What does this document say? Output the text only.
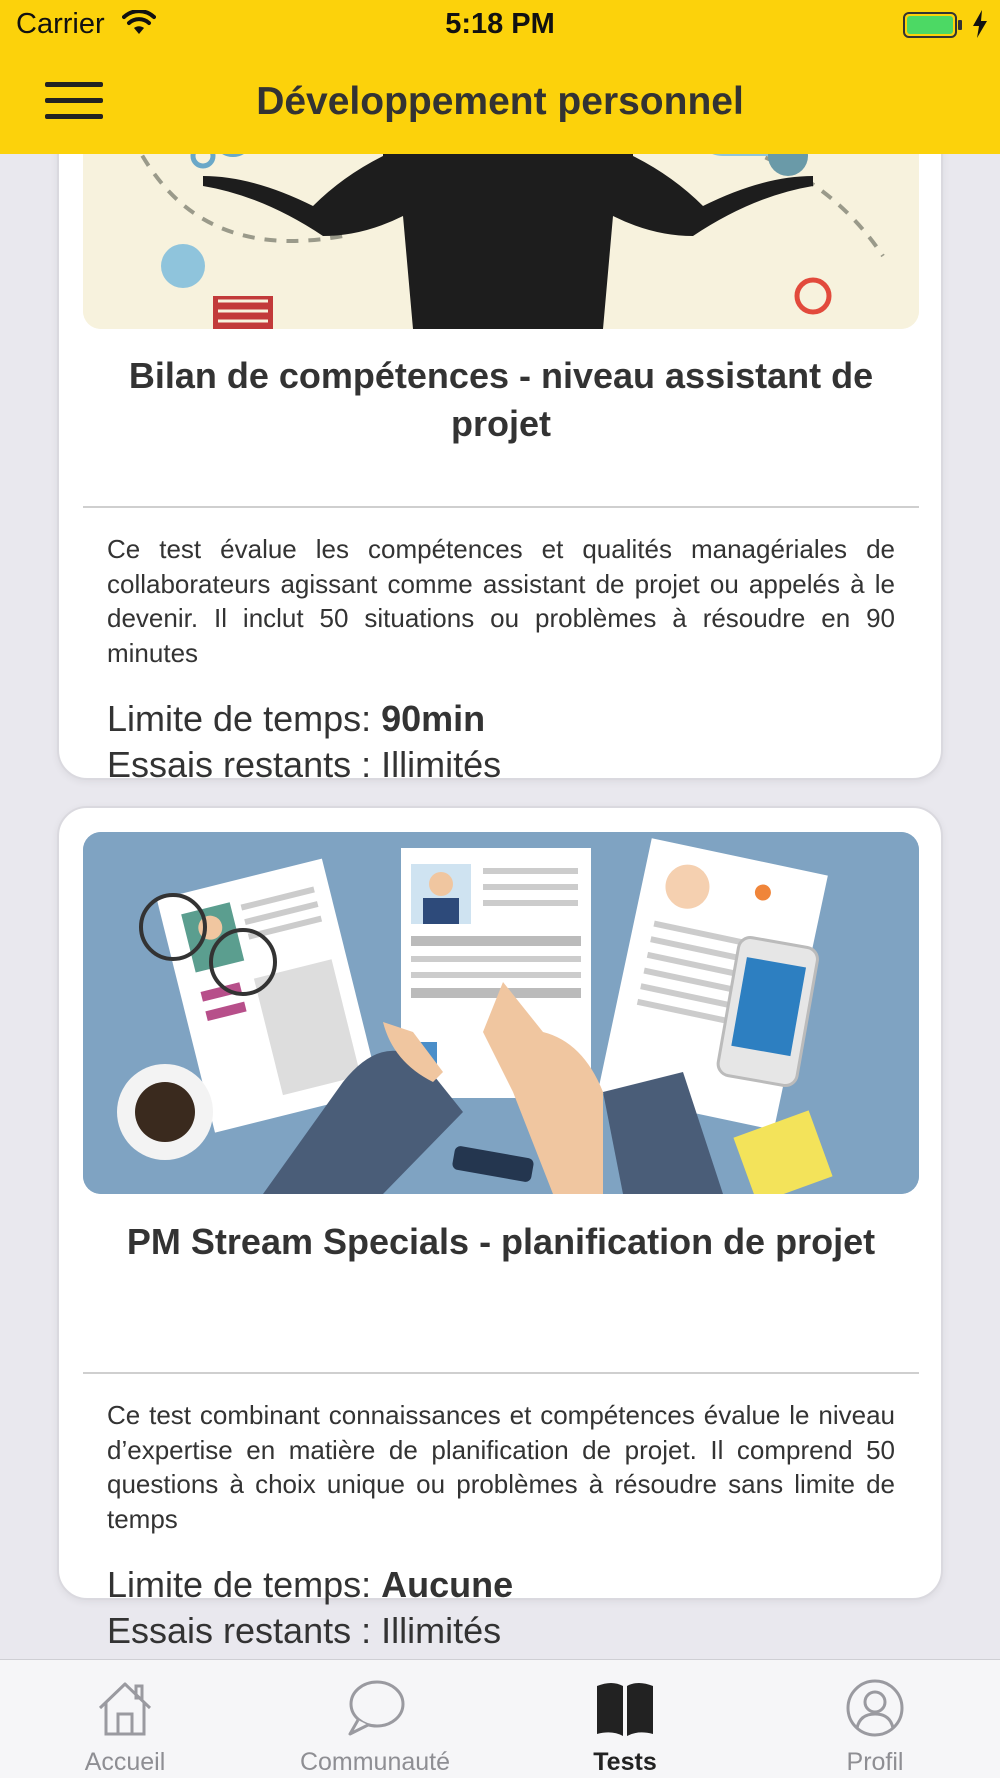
Carrier	5:18 PM
Développement personnel
Bilan de compétences - niveau assistant de projet
Ce test évalue les compétences et qualités managériales de collaborateurs agissant comme assistant de projet ou appelés à le devenir. Il inclut 50 situations ou problèmes à résoudre en 90 minutes
Limite de temps: 90min
Essais restants : Illimités
PM Stream Specials - planification de projet
Ce test combinant connaissances et compétences évalue le niveau d’expertise en matière de planification de projet. Il comprend 50 questions à choix unique ou problèmes à résoudre sans limite de temps
Limite de temps: Aucune
Essais restants : Illimités
Accueil	Communauté	Tests	Profil
